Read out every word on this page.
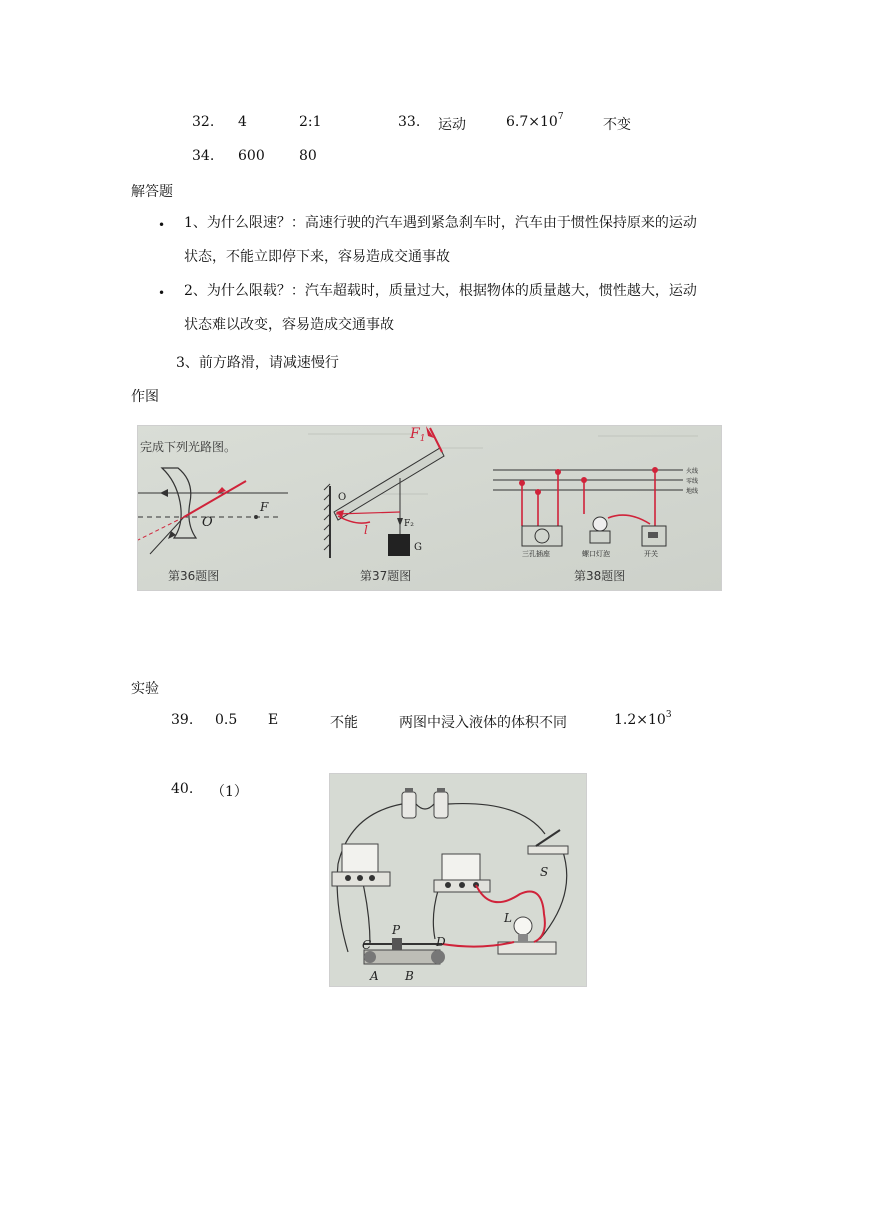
32. 4	2:1	33. 运动	$6.7\times 10^7$	不变
34. 600 80
解答题
• 1、为什么限速？：高速行驶的汽车遇到紧急刹车时，汽车由于惯性保持原来的运动
状态，不能立即停下来，容易造成交通事故
• 2、为什么限载？：汽车超载时，质量过大，根据物体的质量越大，惯性越大，运动
状态难以改变，容易造成交通事故
3、前方路滑，请减速慢行
作图
O
F
第36题图
完成下列光路图。
O
F₂
G
l
$F_1$
第37题图
火线
零线
地线
三孔插座	螺口灯泡	开关
第38题图
实验
39. 0.5 E	不能	两图中浸入液体的体积不同	$1.2\times 10^3$
40. （1）
C
P
D
A B
L
S
